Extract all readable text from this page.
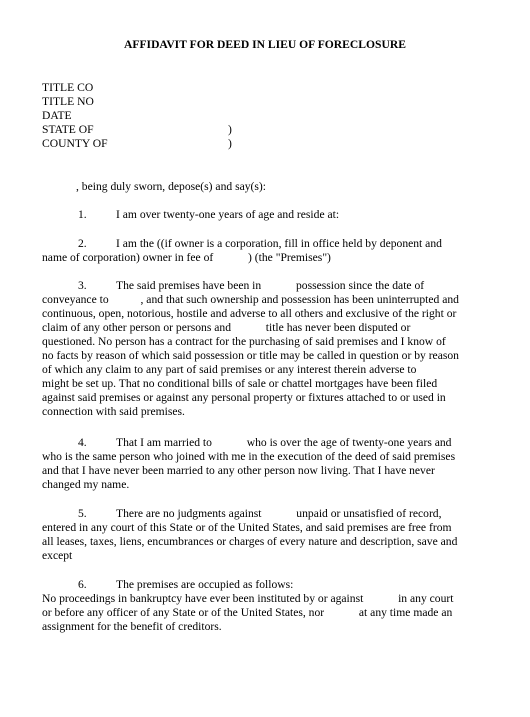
AFFIDAVIT FOR DEED IN LIEU OF FORECLOSURE
TITLE CO
TITLE NO
DATE
STATE OF	)
COUNTY OF	)
, being duly sworn, depose(s) and say(s):
1.	I am over twenty-one years of age and reside at:
2.	I am the ((if owner is a corporation, fill in office held by deponent and
name of corporation) owner in fee of            ) (the "Premises")
3.	The said premises have been in            possession since the date of
conveyance to           , and that such ownership and possession has been uninterrupted and
continuous, open, notorious, hostile and adverse to all others and exclusive of the right or
claim of any other person or persons and            title has never been disputed or
questioned. No person has a contract for the purchasing of said premises and I know of
no facts by reason of which said possession or title may be called in question or by reason
of which any claim to any part of said premises or any interest therein adverse to
might be set up. That no conditional bills of sale or chattel mortgages have been filed
against said premises or against any personal property or fixtures attached to or used in
connection with said premises.
4.	That I am married to            who is over the age of twenty-one years and
who is the same person who joined with me in the execution of the deed of said premises
and that I have never been married to any other person now living. That I have never
changed my name.
5.	There are no judgments against            unpaid or unsatisfied of record,
entered in any court of this State or of the United States, and said premises are free from
all leases, taxes, liens, encumbrances or charges of every nature and description, save and
except
6.	The premises are occupied as follows:
No proceedings in bankruptcy have ever been instituted by or against            in any court
or before any officer of any State or of the United States, nor            at any time made an
assignment for the benefit of creditors.
